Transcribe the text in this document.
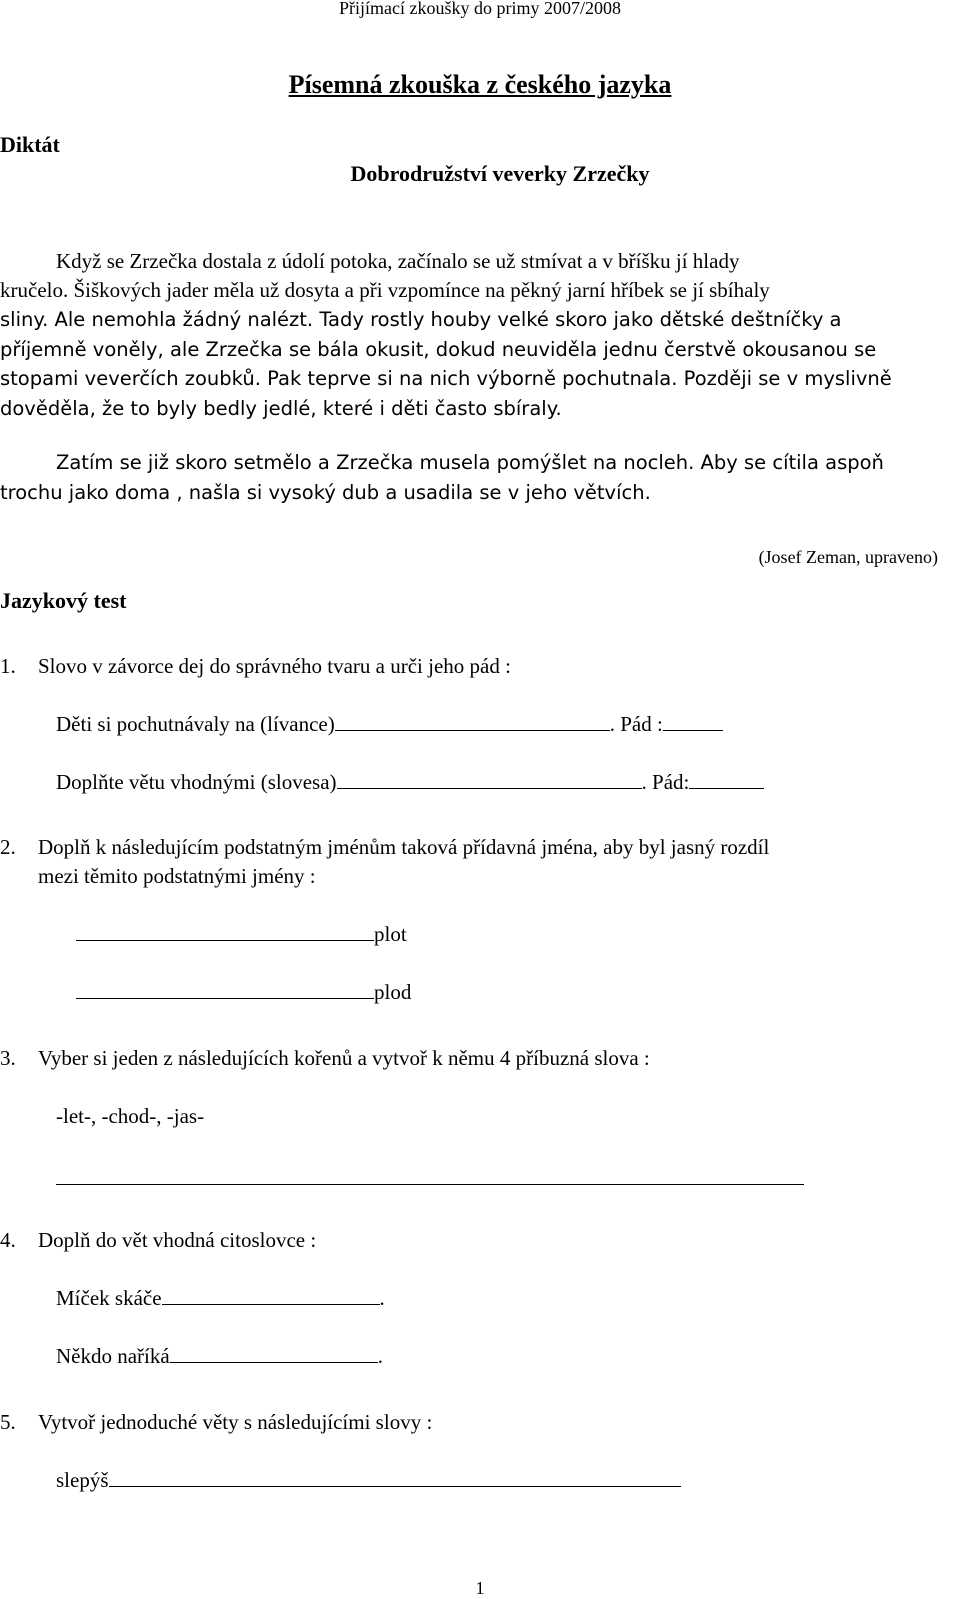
Přijímací zkoušky do primy 2007/2008
Písemná zkouška z českého jazyka
Diktát
Dobrodružství veverky Zrzečky

Když se Zrzečka dostala z údolí potoka, začínalo se už stmívat a v bříšku jí hlady

kručelo. Šiškových jader měla už dosyta a při vzpomínce na pěkný jarní hříbek se jí sbíhaly

sliny. Ale nemohla žádný nalézt. Tady rostly houby velké skoro jako dětské deštníčky a

příjemně voněly, ale Zrzečka se bála okusit, dokud neuviděla jednu čerstvě okousanou se

stopami veverčích zoubků. Pak teprve si na nich výborně pochutnala. Později se v myslivně

dověděla, že to byly bedly jedlé, které i děti často sbíraly.

Zatím se již skoro setmělo a Zrzečka musela pomýšlet na nocleh. Aby se cítila aspoň

trochu jako doma , našla si vysoký dub a usadila se v jeho větvích.

(Josef Zeman, upraveno)
Jazykový test
1. Slovo v závorce dej do správného tvaru a urči jeho pád :
Děti si pochutnávaly na (lívance)	. Pád :
Doplňte větu vhodnými (slovesa)	. Pád:
2. Doplň k následujícím podstatným jménům taková přídavná jména, aby byl jasný rozdíl
mezi těmito podstatnými jmény :
plot
plod
3. Vyber si jeden z následujících kořenů a vytvoř k němu 4 příbuzná slova :
-let-, -chod-, -jas-
4. Doplň do vět vhodná citoslovce :
Míček skáče	.
Někdo naříká	.
5. Vytvoř jednoduché věty s následujícími slovy :
slepýš
1
